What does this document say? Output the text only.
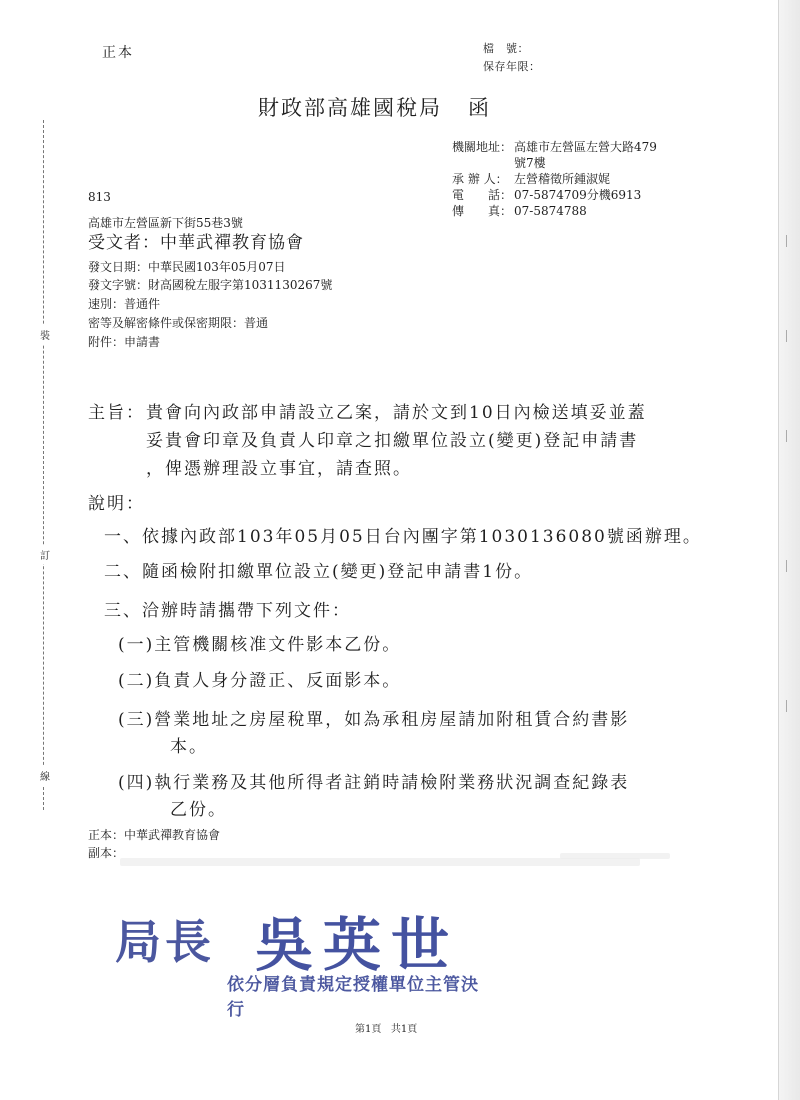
裝
訂
線
正本	檔　號：
保存年限：
財政部高雄國稅局 函
機關地址： 高雄市左營區左營大路479
號7樓
承 辦 人： 左營稽徵所鍾淑娓
電　　話： 07-5874709分機6913
傳　　真： 07-5874788
813
高雄市左營區新下街55巷3號
受文者：中華武禪教育協會
發文日期：中華民國103年05月07日
發文字號：財高國稅左服字第1031130267號
速別：普通件
密等及解密條件或保密期限：普通
附件：申請書
主旨： 貴會向內政部申請設立乙案，請於文到10日內檢送填妥並蓋
妥貴會印章及負責人印章之扣繳單位設立(變更)登記申請書
，俾憑辦理設立事宜，請查照。
說明：
一、依據內政部103年05月05日台內團字第1030136080號函辦理。
二、隨函檢附扣繳單位設立(變更)登記申請書1份。
三、洽辦時請攜帶下列文件：
(一)主管機關核准文件影本乙份。
(二)負責人身分證正、反面影本。
(三)營業地址之房屋稅單，如為承租房屋請加附租賃合約書影
本。
(四)執行業務及其他所得者註銷時請檢附業務狀況調查紀錄表
乙份。
正本：中華武禪教育協會
副本：
局長 吳英世
依分層負責規定授權單位主管決行
第1頁 共1頁
